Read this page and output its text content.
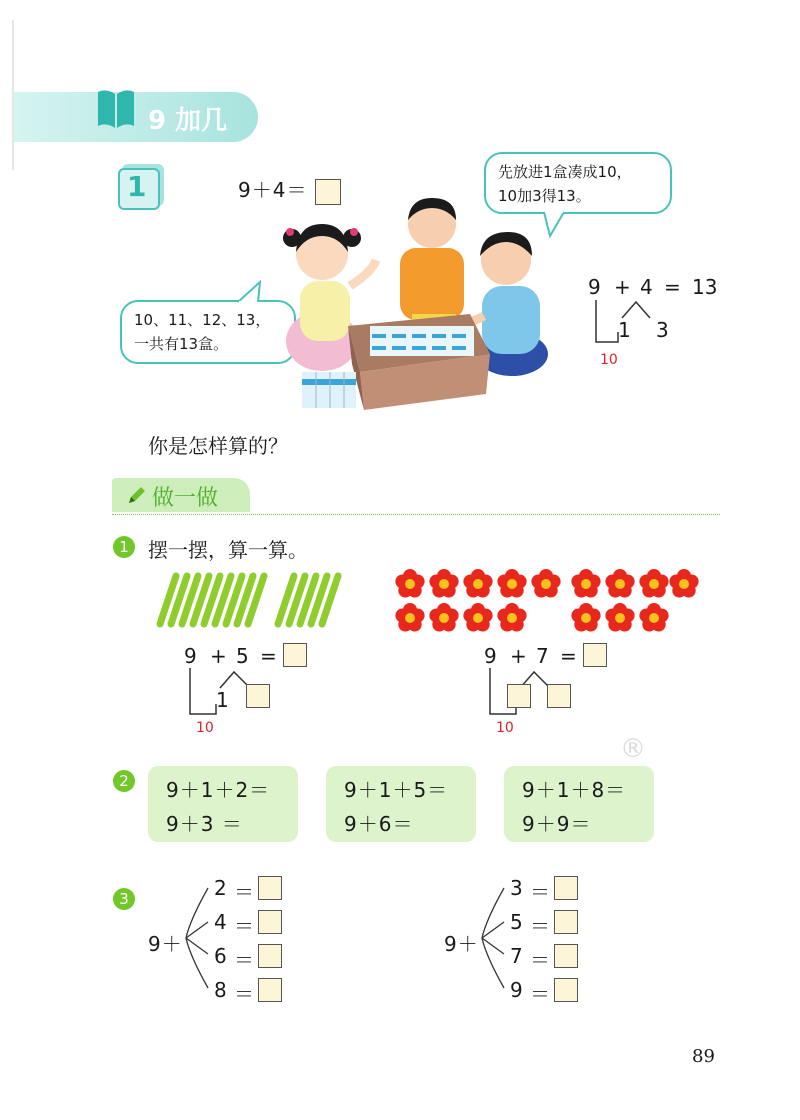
9 加几
1	9＋4＝
先放进1盒凑成10，
10加3得13。
10、11、12、13，
一共有13盒。
9 + 4 = 13
1 3
10
你是怎样算的？
做一做
1 摆一摆，算一算。
9 + 5 =
1
10
9 + 7 =
10
®
2	9＋1＋2＝
9＋3 ＝
9＋1＋5＝
9＋6＝
9＋1＋8＝
9＋9＝
3
9＋
2
4
6
8
＝
＝
＝
＝
9＋
3
5
7
9
＝
＝
＝
＝
89
